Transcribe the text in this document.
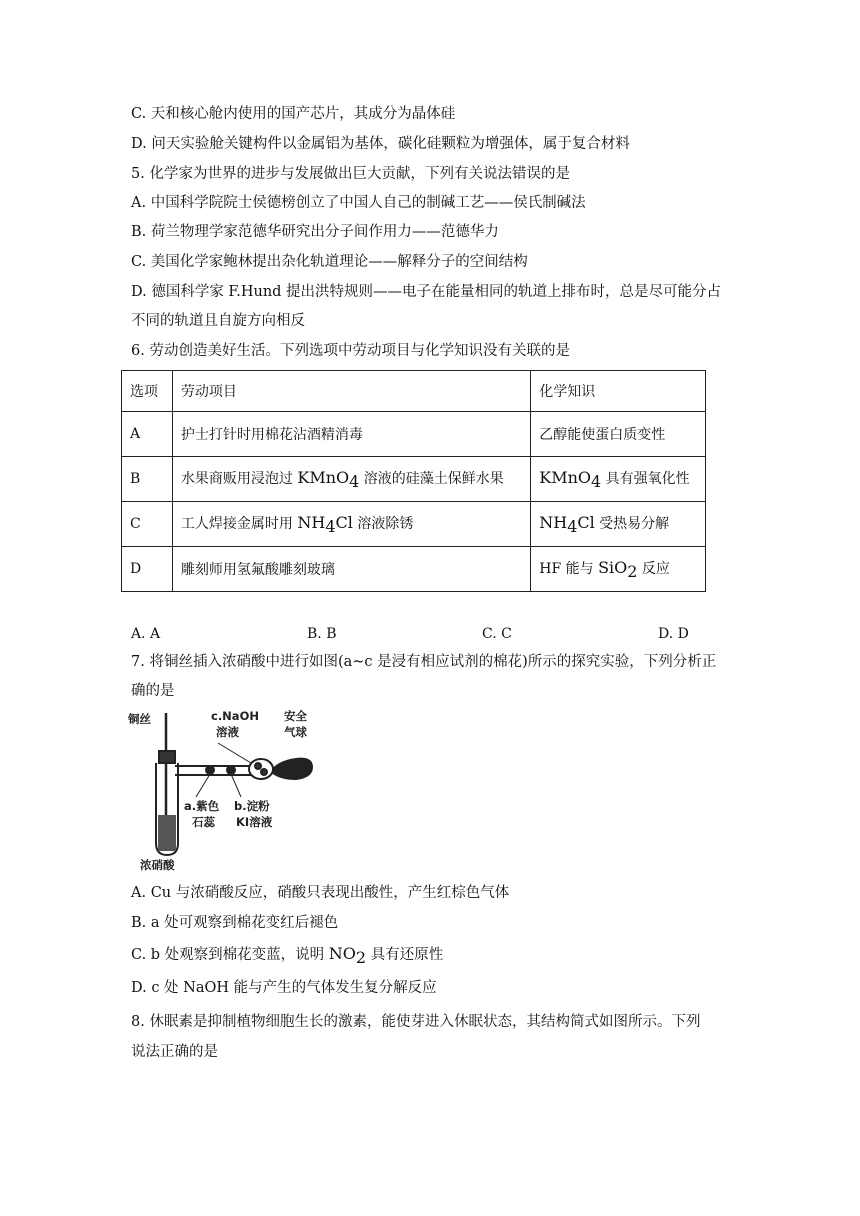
C. 天和核心舱内使用的国产芯片，其成分为晶体硅
D. 问天实验舱关键构件以金属铝为基体，碳化硅颗粒为增强体，属于复合材料
5. 化学家为世界的进步与发展做出巨大贡献，下列有关说法错误的是
A. 中国科学院院士侯德榜创立了中国人自己的制碱工艺——侯氏制碱法
B. 荷兰物理学家范德华研究出分子间作用力——范德华力
C. 美国化学家鲍林提出杂化轨道理论——解释分子的空间结构
D. 德国科学家 F.Hund 提出洪特规则——电子在能量相同的轨道上排布时，总是尽可能分占
不同的轨道且自旋方向相反
6. 劳动创造美好生活。下列选项中劳动项目与化学知识没有关联的是
选项	劳动项目	化学知识
A	护士打针时用棉花沾酒精消毒	乙醇能使蛋白质变性
B	水果商贩用浸泡过 KMnO$_4$ 溶液的硅藻土保鲜水果	KMnO$_4$ 具有强氧化性
C	工人焊接金属时用 $NH_4Cl$ 溶液除锈	$NH_4Cl$ 受热易分解
D	雕刻师用氢氟酸雕刻玻璃	HF 能与 SiO$_2$ 反应
A. A	B. B	C. C	D. D
7. 将铜丝插入浓硝酸中进行如图(a~c 是浸有相应试剂的棉花)所示的探究实验，下列分析正
确的是
铜丝	c.NaOH
溶液
安全
气球
a.紫色
石蕊
b.淀粉
KI溶液
浓硝酸
A. Cu 与浓硝酸反应，硝酸只表现出酸性，产生红棕色气体
B. a 处可观察到棉花变红后褪色
C. b 处观察到棉花变蓝，说明 $NO_2$ 具有还原性
D. c 处 NaOH 能与产生的气体发生复分解反应
8. 休眠素是抑制植物细胞生长的激素，能使芽进入休眠状态，其结构简式如图所示。下列
说法正确的是
